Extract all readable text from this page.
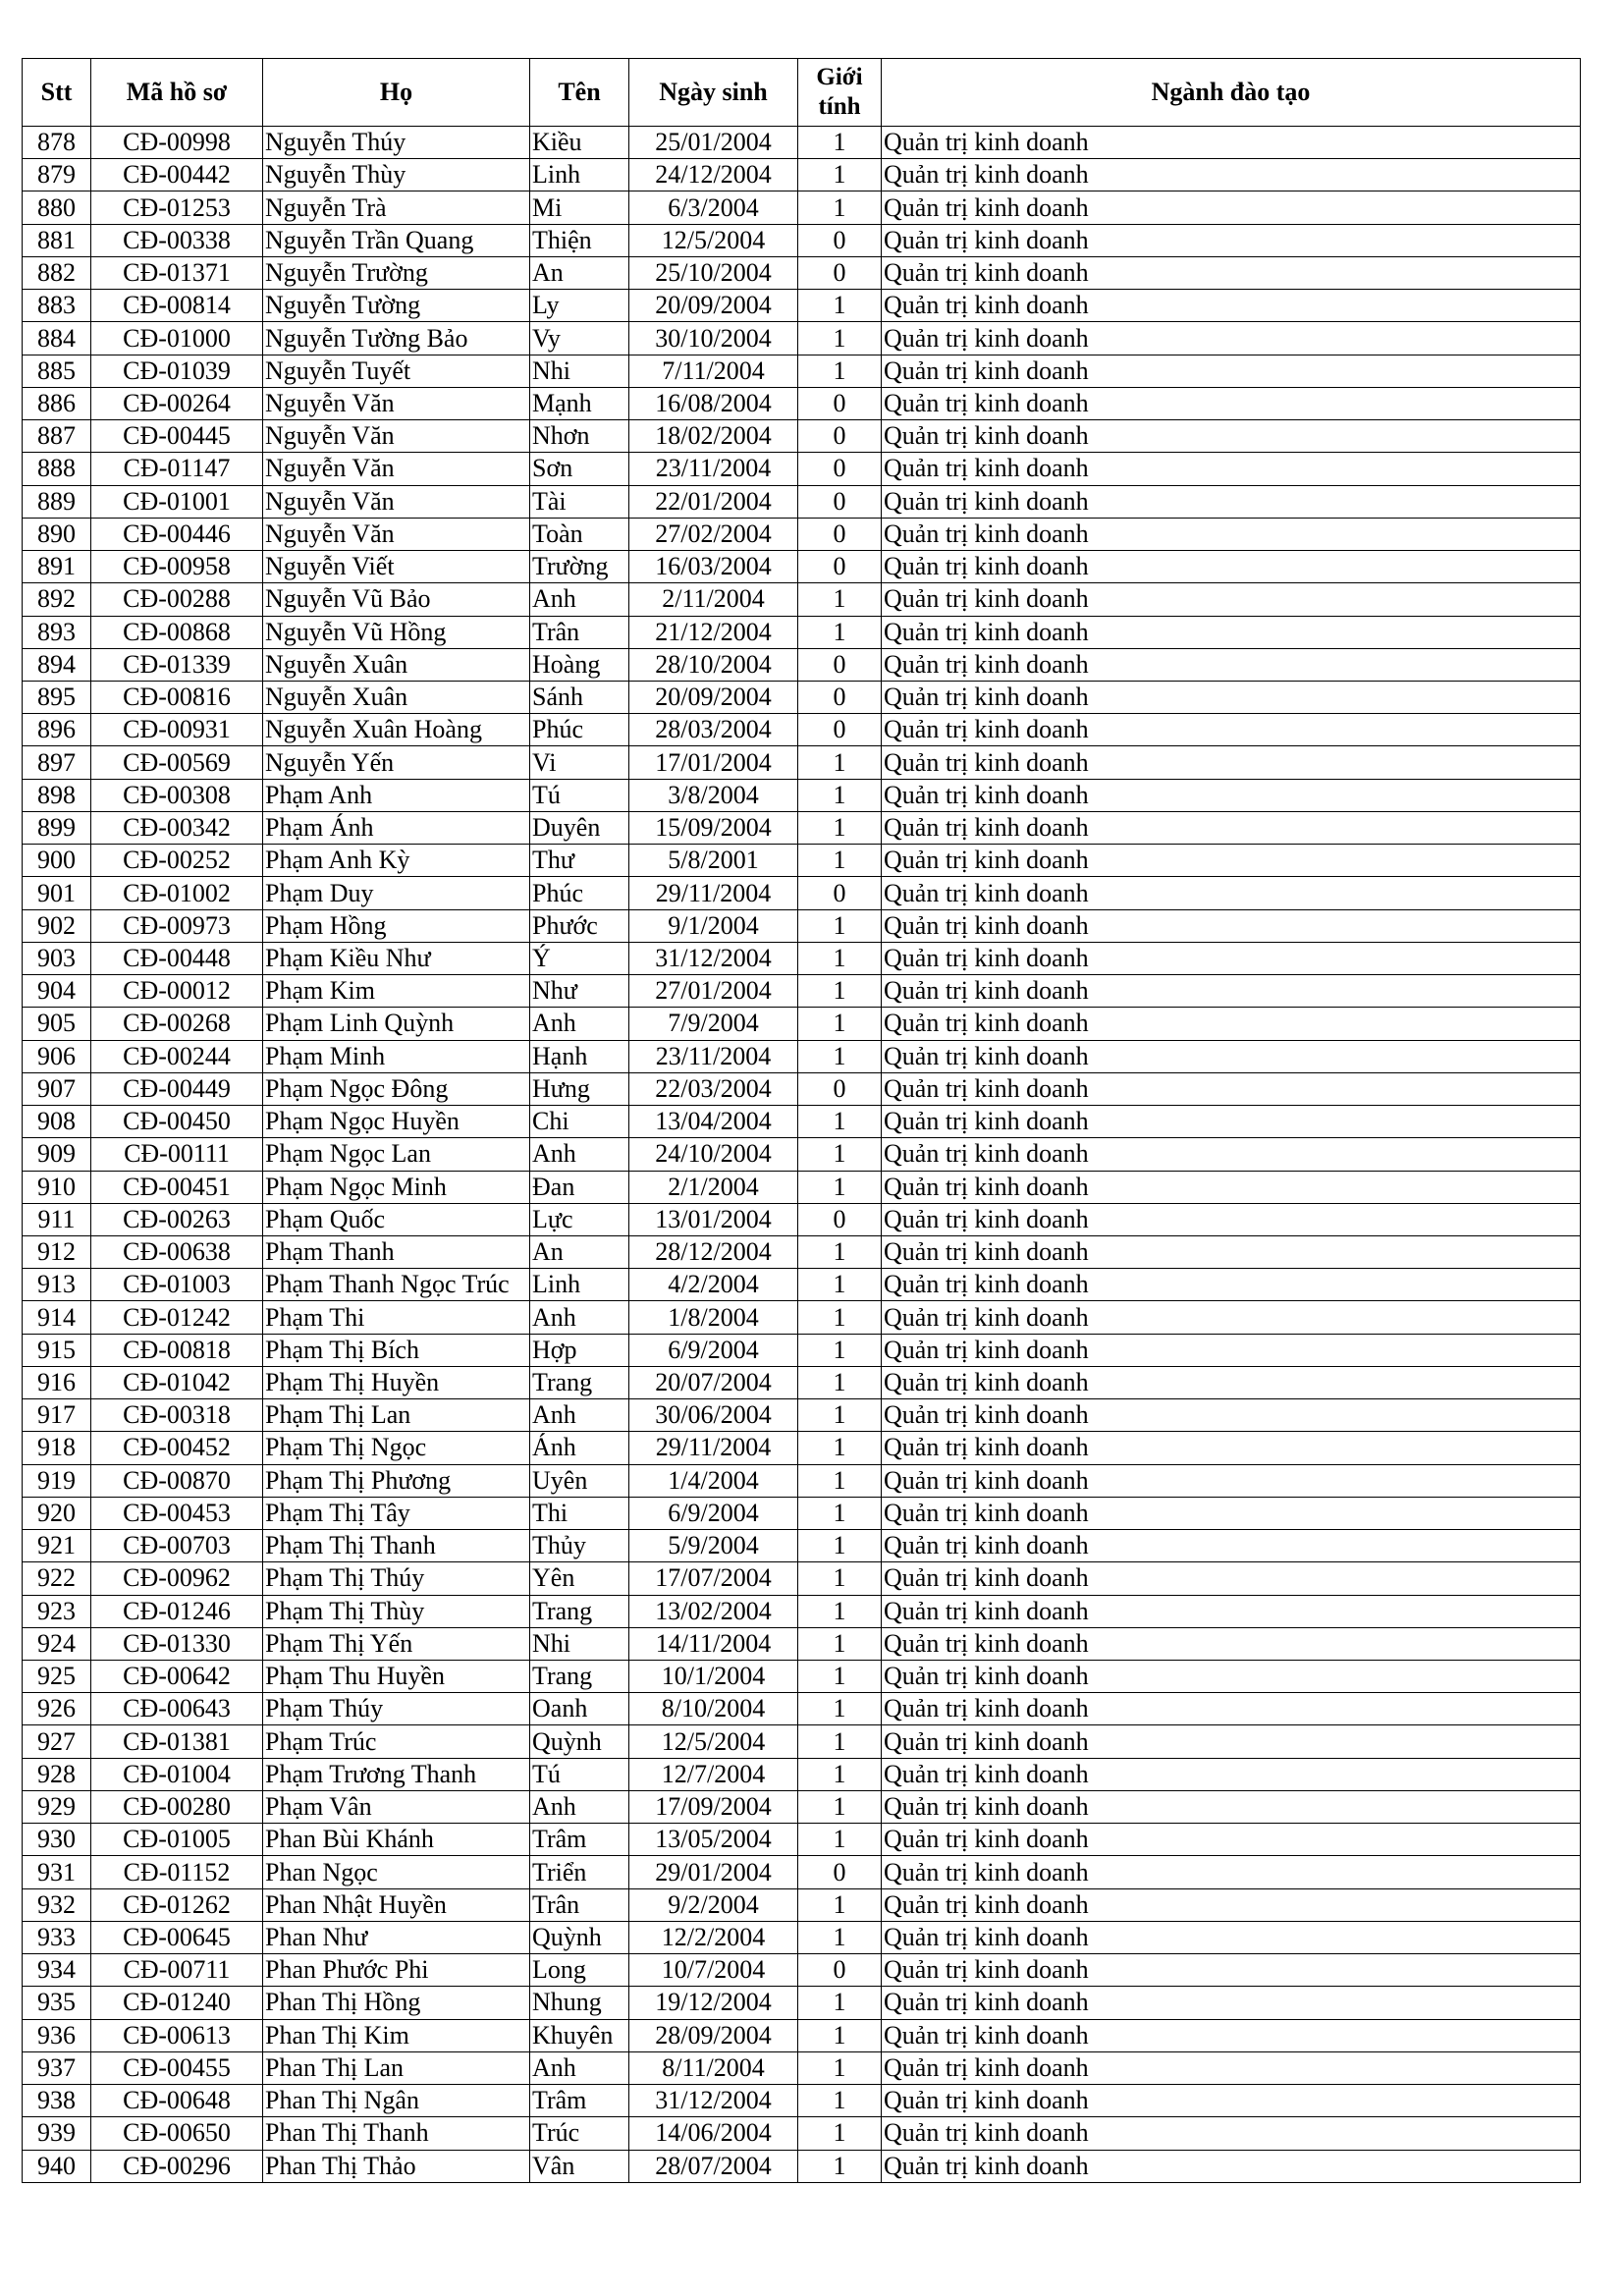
Stt	Mã hồ sơ	Họ	Tên	Ngày sinh	Giới tính	Ngành đào tạo
878	CĐ-00998	Nguyễn Thúy	Kiều	25/01/2004	1	Quản trị kinh doanh
879	CĐ-00442	Nguyễn Thùy	Linh	24/12/2004	1	Quản trị kinh doanh
880	CĐ-01253	Nguyễn Trà	Mi	6/3/2004	1	Quản trị kinh doanh
881	CĐ-00338	Nguyễn Trần Quang	Thiện	12/5/2004	0	Quản trị kinh doanh
882	CĐ-01371	Nguyễn Trường	An	25/10/2004	0	Quản trị kinh doanh
883	CĐ-00814	Nguyễn Tường	Ly	20/09/2004	1	Quản trị kinh doanh
884	CĐ-01000	Nguyễn Tường Bảo	Vy	30/10/2004	1	Quản trị kinh doanh
885	CĐ-01039	Nguyễn Tuyết	Nhi	7/11/2004	1	Quản trị kinh doanh
886	CĐ-00264	Nguyễn Văn	Mạnh	16/08/2004	0	Quản trị kinh doanh
887	CĐ-00445	Nguyễn Văn	Nhơn	18/02/2004	0	Quản trị kinh doanh
888	CĐ-01147	Nguyễn Văn	Sơn	23/11/2004	0	Quản trị kinh doanh
889	CĐ-01001	Nguyễn Văn	Tài	22/01/2004	0	Quản trị kinh doanh
890	CĐ-00446	Nguyễn Văn	Toàn	27/02/2004	0	Quản trị kinh doanh
891	CĐ-00958	Nguyễn Viết	Trường	16/03/2004	0	Quản trị kinh doanh
892	CĐ-00288	Nguyễn Vũ Bảo	Anh	2/11/2004	1	Quản trị kinh doanh
893	CĐ-00868	Nguyễn Vũ Hồng	Trân	21/12/2004	1	Quản trị kinh doanh
894	CĐ-01339	Nguyễn Xuân	Hoàng	28/10/2004	0	Quản trị kinh doanh
895	CĐ-00816	Nguyễn Xuân	Sánh	20/09/2004	0	Quản trị kinh doanh
896	CĐ-00931	Nguyễn Xuân Hoàng	Phúc	28/03/2004	0	Quản trị kinh doanh
897	CĐ-00569	Nguyễn Yến	Vi	17/01/2004	1	Quản trị kinh doanh
898	CĐ-00308	Phạm Anh	Tú	3/8/2004	1	Quản trị kinh doanh
899	CĐ-00342	Phạm Ánh	Duyên	15/09/2004	1	Quản trị kinh doanh
900	CĐ-00252	Phạm Anh Kỳ	Thư	5/8/2001	1	Quản trị kinh doanh
901	CĐ-01002	Phạm Duy	Phúc	29/11/2004	0	Quản trị kinh doanh
902	CĐ-00973	Phạm Hồng	Phước	9/1/2004	1	Quản trị kinh doanh
903	CĐ-00448	Phạm Kiều Như	Ý	31/12/2004	1	Quản trị kinh doanh
904	CĐ-00012	Phạm Kim	Như	27/01/2004	1	Quản trị kinh doanh
905	CĐ-00268	Phạm Linh Quỳnh	Anh	7/9/2004	1	Quản trị kinh doanh
906	CĐ-00244	Phạm Minh	Hạnh	23/11/2004	1	Quản trị kinh doanh
907	CĐ-00449	Phạm Ngọc Đông	Hưng	22/03/2004	0	Quản trị kinh doanh
908	CĐ-00450	Phạm Ngọc Huyền	Chi	13/04/2004	1	Quản trị kinh doanh
909	CĐ-00111	Phạm Ngọc Lan	Anh	24/10/2004	1	Quản trị kinh doanh
910	CĐ-00451	Phạm Ngọc Minh	Đan	2/1/2004	1	Quản trị kinh doanh
911	CĐ-00263	Phạm Quốc	Lực	13/01/2004	0	Quản trị kinh doanh
912	CĐ-00638	Phạm Thanh	An	28/12/2004	1	Quản trị kinh doanh
913	CĐ-01003	Phạm Thanh Ngọc Trúc	Linh	4/2/2004	1	Quản trị kinh doanh
914	CĐ-01242	Phạm Thi	Anh	1/8/2004	1	Quản trị kinh doanh
915	CĐ-00818	Phạm Thị Bích	Hợp	6/9/2004	1	Quản trị kinh doanh
916	CĐ-01042	Phạm Thị Huyền	Trang	20/07/2004	1	Quản trị kinh doanh
917	CĐ-00318	Phạm Thị Lan	Anh	30/06/2004	1	Quản trị kinh doanh
918	CĐ-00452	Phạm Thị Ngọc	Ánh	29/11/2004	1	Quản trị kinh doanh
919	CĐ-00870	Phạm Thị Phương	Uyên	1/4/2004	1	Quản trị kinh doanh
920	CĐ-00453	Phạm Thị Tây	Thi	6/9/2004	1	Quản trị kinh doanh
921	CĐ-00703	Phạm Thị Thanh	Thủy	5/9/2004	1	Quản trị kinh doanh
922	CĐ-00962	Phạm Thị Thúy	Yên	17/07/2004	1	Quản trị kinh doanh
923	CĐ-01246	Phạm Thị Thùy	Trang	13/02/2004	1	Quản trị kinh doanh
924	CĐ-01330	Phạm Thị Yến	Nhi	14/11/2004	1	Quản trị kinh doanh
925	CĐ-00642	Phạm Thu Huyền	Trang	10/1/2004	1	Quản trị kinh doanh
926	CĐ-00643	Phạm Thúy	Oanh	8/10/2004	1	Quản trị kinh doanh
927	CĐ-01381	Phạm Trúc	Quỳnh	12/5/2004	1	Quản trị kinh doanh
928	CĐ-01004	Phạm Trương Thanh	Tú	12/7/2004	1	Quản trị kinh doanh
929	CĐ-00280	Phạm Vân	Anh	17/09/2004	1	Quản trị kinh doanh
930	CĐ-01005	Phan Bùi Khánh	Trâm	13/05/2004	1	Quản trị kinh doanh
931	CĐ-01152	Phan Ngọc	Triển	29/01/2004	0	Quản trị kinh doanh
932	CĐ-01262	Phan Nhật Huyền	Trân	9/2/2004	1	Quản trị kinh doanh
933	CĐ-00645	Phan Như	Quỳnh	12/2/2004	1	Quản trị kinh doanh
934	CĐ-00711	Phan Phước Phi	Long	10/7/2004	0	Quản trị kinh doanh
935	CĐ-01240	Phan Thị Hồng	Nhung	19/12/2004	1	Quản trị kinh doanh
936	CĐ-00613	Phan Thị Kim	Khuyên	28/09/2004	1	Quản trị kinh doanh
937	CĐ-00455	Phan Thị Lan	Anh	8/11/2004	1	Quản trị kinh doanh
938	CĐ-00648	Phan Thị Ngân	Trâm	31/12/2004	1	Quản trị kinh doanh
939	CĐ-00650	Phan Thị Thanh	Trúc	14/06/2004	1	Quản trị kinh doanh
940	CĐ-00296	Phan Thị Thảo	Vân	28/07/2004	1	Quản trị kinh doanh
